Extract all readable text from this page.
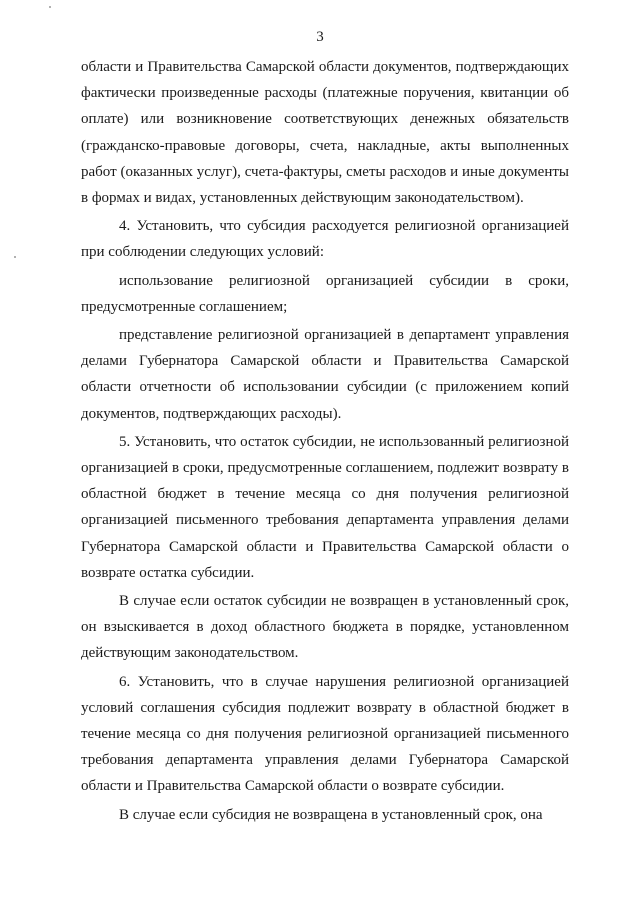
3

области и Правительства Самарской области документов, подтверждающих фактически произведенные расходы (платежные поручения, квитанции об оплате) или возникновение соответствующих денежных обязательств (гражданско-правовые договоры, счета, накладные, акты выполненных работ (оказанных услуг), счета-фактуры, сметы расходов и иные документы в формах и видах, установленных действующим законодательством).

4. Установить, что субсидия расходуется религиозной организацией при соблюдении следующих условий:

использование религиозной организацией субсидии в сроки, предусмотренные соглашением;

представление религиозной организацией в департамент управления делами Губернатора Самарской области и Правительства Самарской области отчетности об использовании субсидии (с приложением копий документов, подтверждающих расходы).

5. Установить, что остаток субсидии, не использованный религиозной организацией в сроки, предусмотренные соглашением, подлежит возврату в областной бюджет в течение месяца со дня получения религиозной организацией письменного требования департамента управления делами Губернатора Самарской области и Правительства Самарской области о возврате остатка субсидии.

В случае если остаток субсидии не возвращен в установленный срок, он взыскивается в доход областного бюджета в порядке, установленном действующим законодательством.

6. Установить, что в случае нарушения религиозной организацией условий соглашения субсидия подлежит возврату в областной бюджет в течение месяца со дня получения религиозной организацией письменного требования департамента управления делами Губернатора Самарской области и Правительства Самарской области о возврате субсидии.

В случае если субсидия не возвращена в установленный срок, она
